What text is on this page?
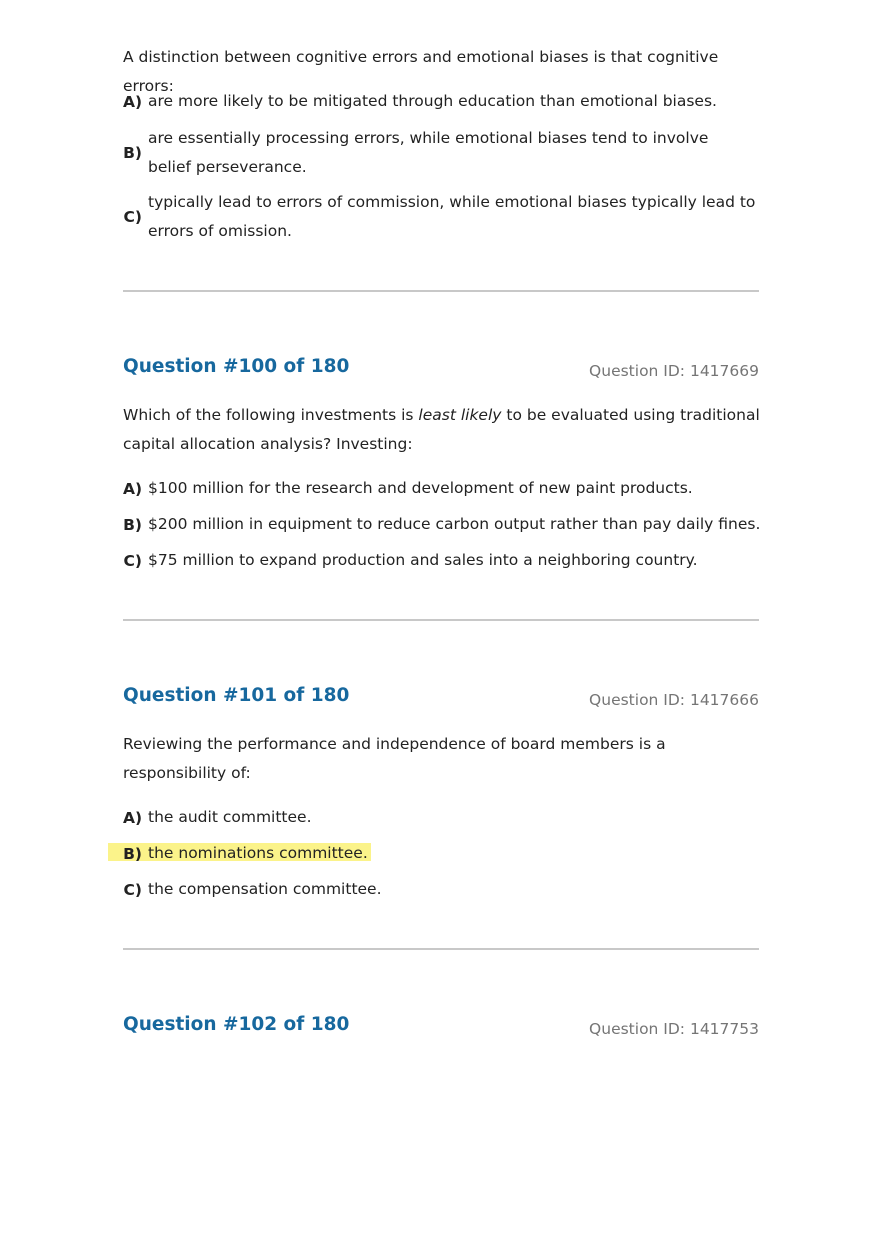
A distinction between cognitive errors and emotional biases is that cognitive errors:

A) are more likely to be mitigated through education than emotional biases.
B)
are essentially processing errors, while emotional biases tend to involve belief perseverance.
C)
typically lead to errors of commission, while emotional biases typically lead to errors of omission.
Question #100 of 180	Question ID: 1417669

Which of the following investments is least likely to be evaluated using traditional capital allocation analysis? Investing:

A) $100 million for the research and development of new paint products.
B) $200 million in equipment to reduce carbon output rather than pay daily fines.
C) $75 million to expand production and sales into a neighboring country.
Question #101 of 180	Question ID: 1417666

Reviewing the performance and independence of board members is a responsibility of:

A) the audit committee.
B) the nominations committee.
C) the compensation committee.
Question #102 of 180	Question ID: 1417753
